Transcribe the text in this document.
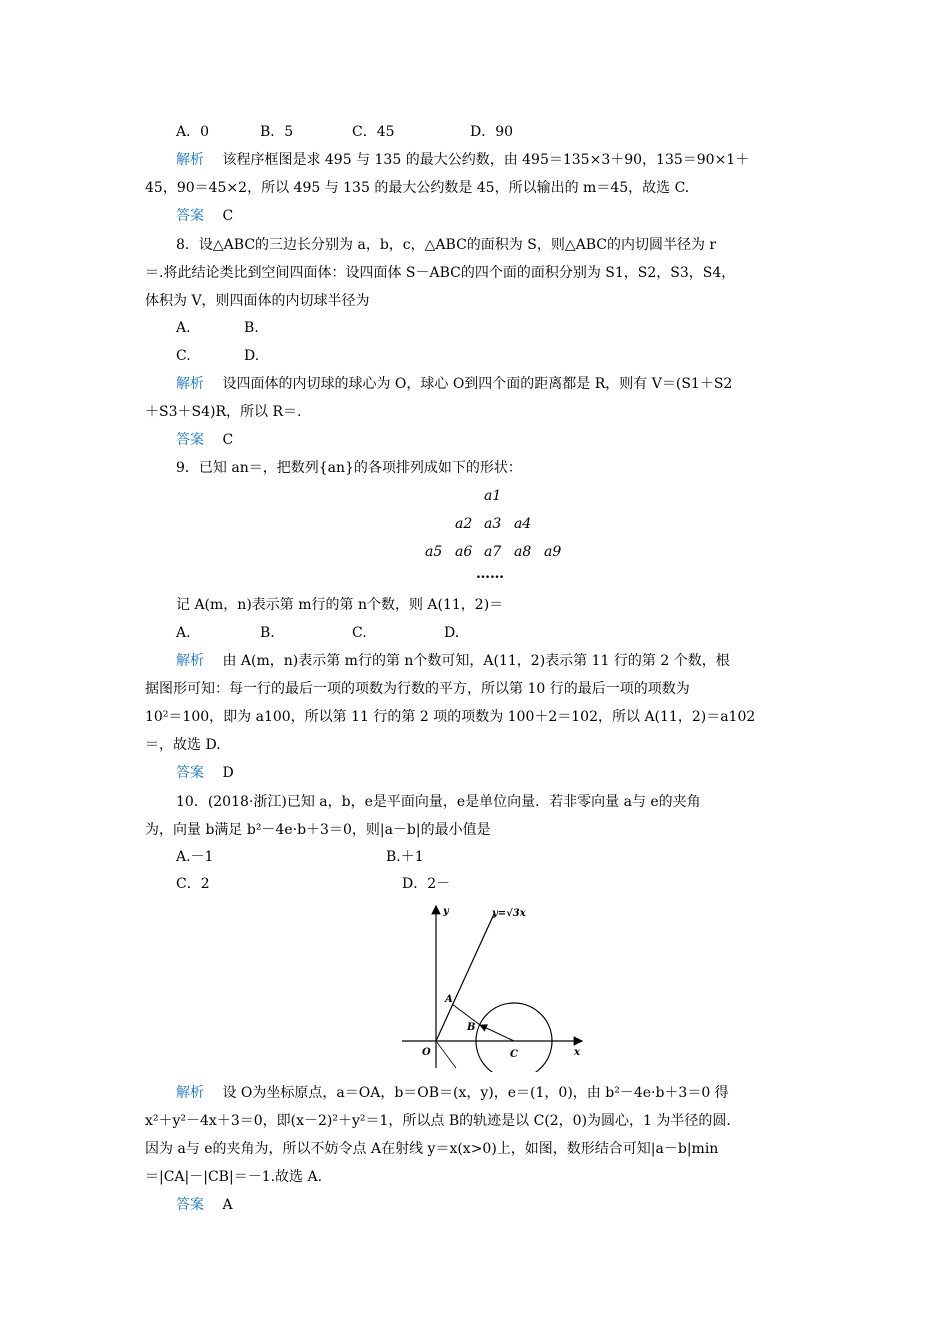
A．0	B．5	C．45	D．90
解析　 该程序框图是求 495 与 135 的最大公约数，由 495＝135×3＋90，135＝90×1＋
45，90＝45×2，所以 495 与 135 的最大公约数是 45，所以输出的 m＝45，故选 C.
答案　 C
8．设△ABC的三边长分别为 a，b，c，△ABC的面积为 S，则△ABC的内切圆半径为 r
＝.将此结论类比到空间四面体：设四面体 S－ABC的四个面的面积分别为 S1，S2，S3，S4，
体积为 V，则四面体的内切球半径为
A.	B.
C.	D.
解析　 设四面体的内切球的球心为 O，球心 O到四个面的距离都是 R，则有 V＝(S1＋S2
＋S3＋S4)R，所以 R＝.
答案　 C
9．已知 an＝，把数列{an}的各项排列成如下的形状：
a1
a2 a3 a4
a5 a6 a7 a8 a9
……
记 A(m，n)表示第 m行的第 n个数，则 A(11，2)＝
A.	B.	C.	D.
解析　 由 A(m，n)表示第 m行的第 n个数可知，A(11，2)表示第 11 行的第 2 个数，根
据图形可知：每一行的最后一项的项数为行数的平方，所以第 10 行的最后一项的项数为
10²＝100，即为 a100，所以第 11 行的第 2 项的项数为 100＋2＝102，所以 A(11，2)＝a102
＝，故选 D.
答案　 D
10．(2018·浙江)已知 a，b，e是平面向量，e是单位向量．若非零向量 a与 e的夹角
为，向量 b满足 b²－4e·b＋3＝0，则|a－b|的最小值是
A.－1	B.＋1
C．2	D．2－
y	y=√3x
x
O
A
B
C
解析　 设 O为坐标原点，a＝OA，b＝OB＝(x，y)，e＝(1，0)，由 b²－4e·b＋3＝0 得
x²＋y²－4x＋3＝0，即(x－2)²＋y²＝1，所以点 B的轨迹是以 C(2，0)为圆心，1 为半径的圆.
因为 a与 e的夹角为，所以不妨令点 A在射线 y＝x(x>0)上，如图，数形结合可知|a－b|min
＝|CA|－|CB|＝－1.故选 A.
答案　 A
